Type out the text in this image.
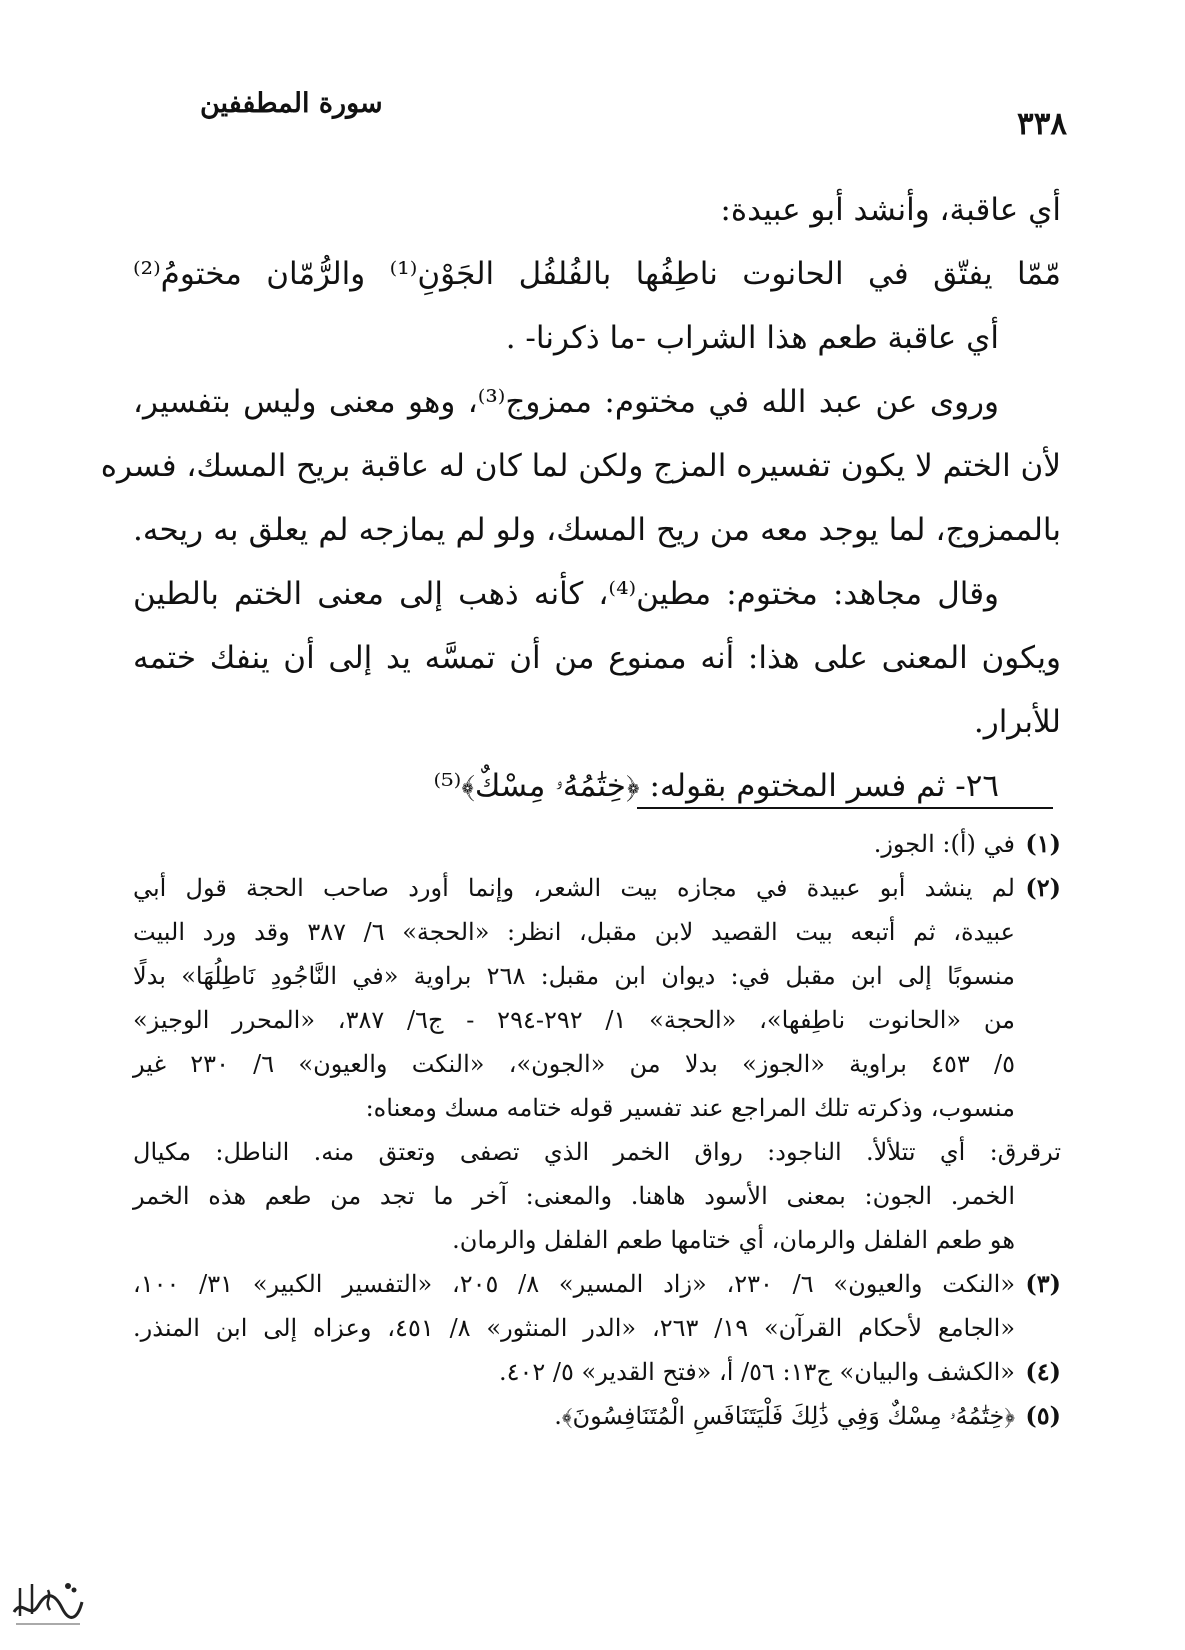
سورة المطففين
٣٣٨
أي عاقبة، وأنشد أبو عبيدة:
مّمّا يفتّق في الحانوت ناطِفُها بالفُلفُل الجَوْنِ⁽¹⁾ والرُّمّان مختومُ⁽²⁾
أي عاقبة طعم هذا الشراب -ما ذكرنا- .
وروى عن عبد الله في مختوم: ممزوج⁽³⁾، وهو معنى وليس بتفسير،
لأن الختم لا يكون تفسيره المزج ولكن لما كان له عاقبة بريح المسك، فسره
بالممزوج، لما يوجد معه من ريح المسك، ولو لم يمازجه لم يعلق به ريحه.
وقال مجاهد: مختوم: مطين⁽⁴⁾، كأنه ذهب إلى معنى الختم بالطين
ويكون المعنى على هذا: أنه ممنوع من أن تمسَّه يد إلى أن ينفك ختمه
للأبرار.
٢٦- ثم فسر المختوم بقوله: ﴿خِتَٰمُهُۥ مِسْكٌ﴾⁽⁵⁾
(١)
في (أ): الجوز.
(٢)
لم ينشد أبو عبيدة في مجازه بيت الشعر، وإنما أورد صاحب الحجة قول أبي
عبيدة، ثم أتبعه بيت القصيد لابن مقبل، انظر: «الحجة» ٦/ ٣٨٧ وقد ورد البيت
منسوبًا إلى ابن مقبل في: ديوان ابن مقبل: ٢٦٨ براوية «في النَّاجُودِ نَاطِلُهَا» بدلًا
من «الحانوت ناطِفها»، «الحجة» ١/ ٢٩٢-٢٩٤ - ج٦/ ٣٨٧، «المحرر الوجيز»
٥/ ٤٥٣ براوية «الجوز» بدلا من «الجون»، «النكت والعيون» ٦/ ٢٣٠ غير
منسوب، وذكرته تلك المراجع عند تفسير قوله ختامه مسك ومعناه:
ترقرق: أي تتلألأ. الناجود: رواق الخمر الذي تصفى وتعتق منه. الناطل: مكيال
الخمر. الجون: بمعنى الأسود هاهنا. والمعنى: آخر ما تجد من طعم هذه الخمر
هو طعم الفلفل والرمان، أي ختامها طعم الفلفل والرمان.
(٣)
«النكت والعيون» ٦/ ٢٣٠، «زاد المسير» ٨/ ٢٠٥، «التفسير الكبير» ٣١/ ١٠٠،
«الجامع لأحكام القرآن» ١٩/ ٢٦٣، «الدر المنثور» ٨/ ٤٥١، وعزاه إلى ابن المنذر.
(٤)
«الكشف والبيان» ج١٣: ٥٦/ أ، «فتح القدير» ٥/ ٤٠٢.
(٥)
﴿خِتَٰمُهُۥ مِسْكٌ وَفِي ذَٰلِكَ فَلْيَتَنَافَسِ الْمُتَنَافِسُونَ﴾.
